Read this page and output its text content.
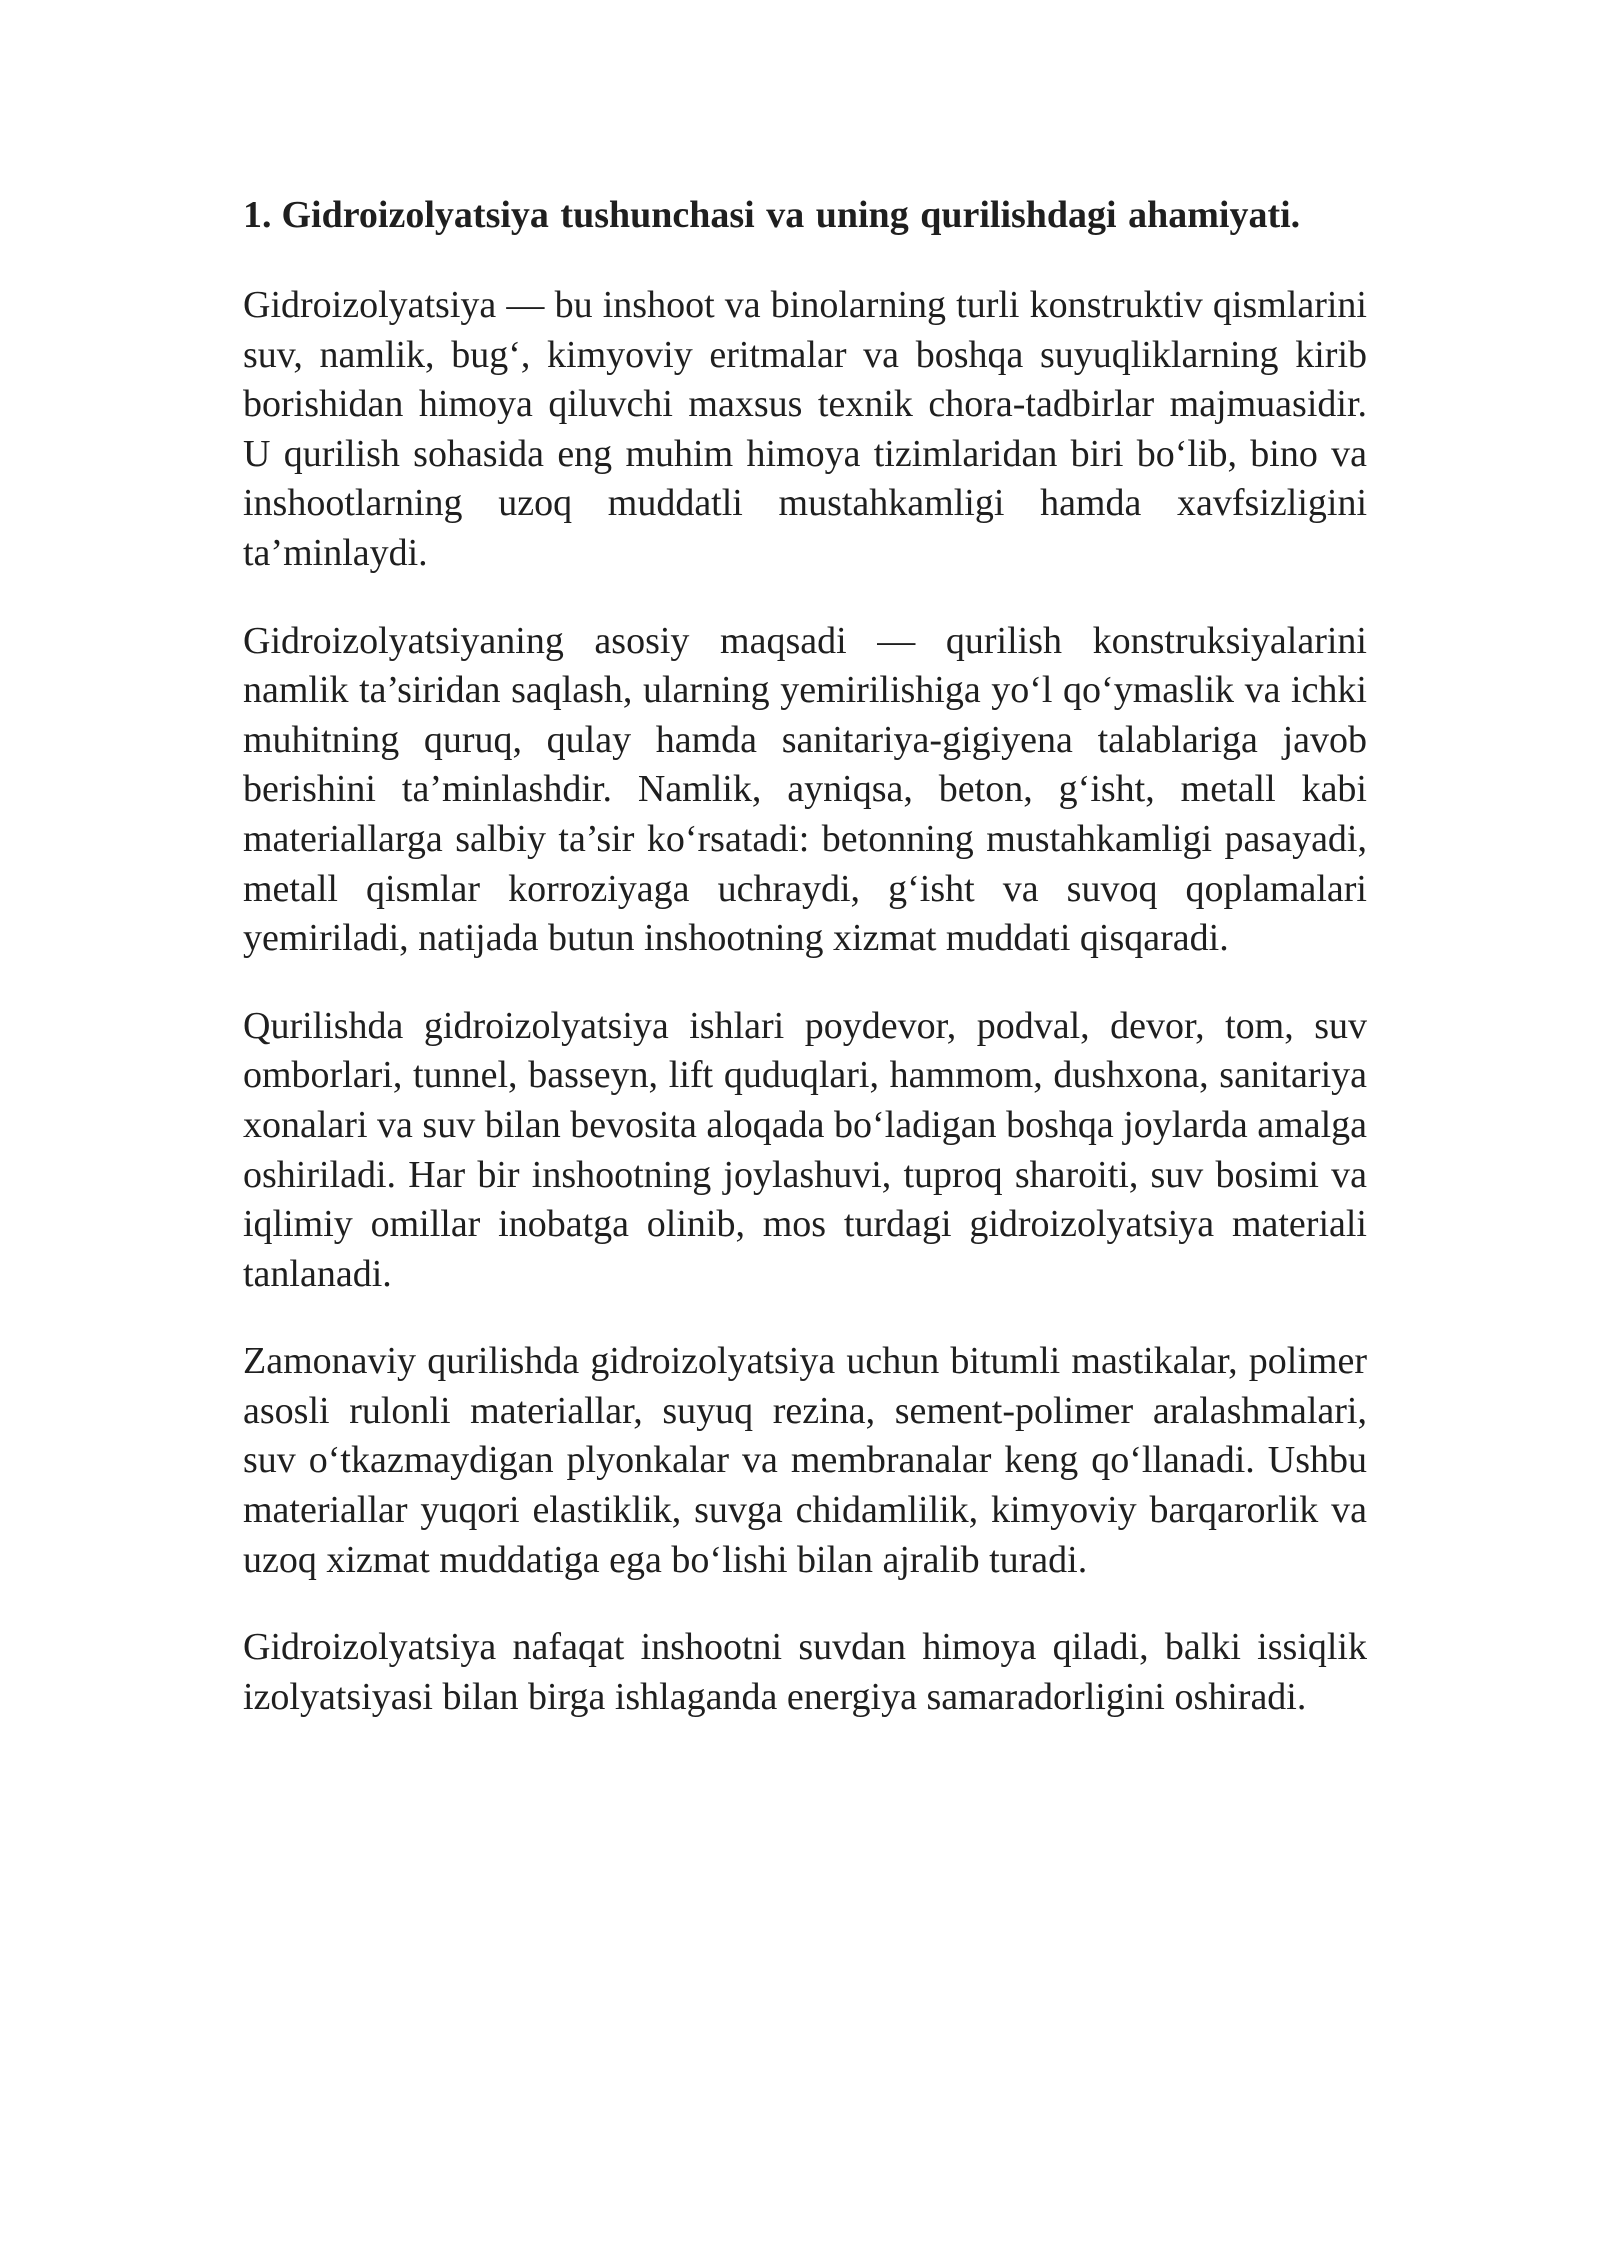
1. Gidroizolyatsiya tushunchasi va uning qurilishdagi ahamiyati.

Gidroizolyatsiya — bu inshoot va binolarning turli konstruktiv qismlarini suv, namlik, bug‘, kimyoviy eritmalar va boshqa suyuqliklarning kirib borishidan himoya qiluvchi maxsus texnik chora-tadbirlar majmuasidir. U qurilish sohasida eng muhim himoya tizimlaridan biri bo‘lib, bino va inshootlarning uzoq muddatli mustahkamligi hamda xavfsizligini ta’minlaydi.

Gidroizolyatsiyaning asosiy maqsadi — qurilish konstruksiyalarini namlik ta’siridan saqlash, ularning yemirilishiga yo‘l qo‘ymaslik va ichki muhitning quruq, qulay hamda sanitariya-gigiyena talablariga javob berishini ta’minlashdir. Namlik, ayniqsa, beton, g‘isht, metall kabi materiallarga salbiy ta’sir ko‘rsatadi: betonning mustahkamligi pasayadi, metall qismlar korroziyaga uchraydi, g‘isht va suvoq qoplamalari yemiriladi, natijada butun inshootning xizmat muddati qisqaradi.

Qurilishda gidroizolyatsiya ishlari poydevor, podval, devor, tom, suv omborlari, tunnel, basseyn, lift quduqlari, hammom, dushxona, sanitariya xonalari va suv bilan bevosita aloqada bo‘ladigan boshqa joylarda amalga oshiriladi. Har bir inshootning joylashuvi, tuproq sharoiti, suv bosimi va iqlimiy omillar inobatga olinib, mos turdagi gidroizolyatsiya materiali tanlanadi.

Zamonaviy qurilishda gidroizolyatsiya uchun bitumli mastikalar, polimer asosli rulonli materiallar, suyuq rezina, sement-polimer aralashmalari, suv o‘tkazmaydigan plyonkalar va membranalar keng qo‘llanadi. Ushbu materiallar yuqori elastiklik, suvga chidamlilik, kimyoviy barqarorlik va uzoq xizmat muddatiga ega bo‘lishi bilan ajralib turadi.

Gidroizolyatsiya nafaqat inshootni suvdan himoya qiladi, balki issiqlik izolyatsiyasi bilan birga ishlaganda energiya samaradorligini oshiradi.
